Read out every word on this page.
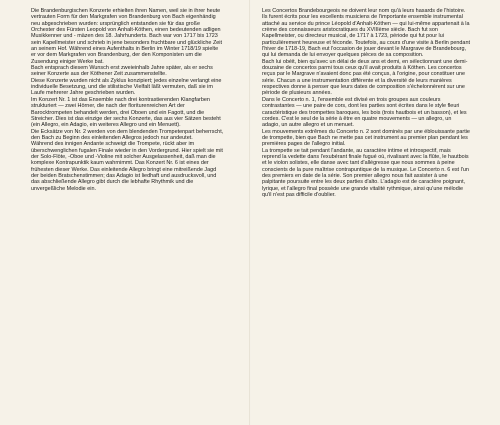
Die Brandenburgischen Konzerte erhielten ihren Namen, weil sie in ihrer heute vertrauten Form für den Markgrafen von Brandenburg von Bach eigenhändig neu abgeschrieben wurden: ursprünglich entstanden sie für das große Orchester des Fürsten Leopold von Anhalt-Köthen, einen bedeutenden adligen Musikkenner und - mäzen des 18. Jahrhunderts. Bach war von 1717 bis 1723 sein Kapellmeister und schrieb in jene besonders fruchtbare und glückliche Zeit an seinem Hof. Während eines Aufenthalts in Berlin im Winter 1718/19 spielte er vor dem Markgrafen von Brandenburg, der den Komponisten um die Zusendung einiger Werke bat.

Bach entsprach diesem Wunsch erst zweieinhalb Jahre später, als er sechs seiner Konzerte aus der Köthener Zeit zusammenstellte.

Diese Konzerte wurden nicht als Zyklus konzipiert; jedes einzelne verlangt eine individuelle Besetzung, und die stilistische Vielfalt läßt vermuten, daß sie im Laufe mehrerer Jahre geschrieben wurden.

Im Konzert Nr. 1 ist das Ensemble nach drei kontrastierenden Klangfarben strukturiert — zwei Hörner, die nach der floriturenreichen Art der Barocktrompeten behandelt werden, drei Oboen und ein Fagott, und die Streicher. Dies ist das einzige der sechs Konzerte, das aus vier Sätzen besteht (ein Allegro, ein Adagio, ein weiteres Allegro und ein Menuett).

Die Ecksätze von Nr. 2 werden von dem blendenden Trompetenpart beherrscht, den Bach zu Beginn des einleitenden Allegros jedoch nur andeutet.

Während des innigen Andante schweigt die Trompete, rückt aber im überschwenglichen fugalen Finale wieder in den Vordergrund. Hier spielt sie mit der Solo-Flöte, -Oboe und -Violine mit solcher Ausgelassenheit, daß man die komplexe Kontrapunktik kaum wahrnimmt. Das Konzert Nr. 6 ist eines der frühesten dieser Werke. Das einleitende Allegro bringt eine mitreißende Jagd der beiden Bratschenstimmen; das Adagio ist liedhaft und ausdrucksvoll, und das abschließende Allegro gibt durch die lebhafte Rhythmik und die unvergeßliche Melodie ein.

Les Concertos Brandebourgeois ne doivent leur nom qu'à leurs hasards de l'histoire.

Ils furent écrits pour les excellents musiciens de l'importante ensemble instrumental attaché au service du prince Léopold d'Anhalt-Köthen — qui lui-même appartenait à la crème des connaisseurs aristocratiques du XVIIIème siècle. Bach fut son Kapellmeister, ou directeur musical, de 1717 à 1723, période qui fut pour lui particulièrement heureuse et féconde. Toutefois, au cours d'une visite à Berlin pendant l'hiver de 1718-19, Bach eut l'occasion de jouer devant le Margrave de Brandebourg, qui lui demanda de lui envoyer quelques pièces de sa composition.

Bach lui obéit, bien qu'avec un délai de deux ans et demi, en sélectionnant une demi-douzaine de concertos parmi tous ceux qu'il avait produits à Köthen. Les concertos reçus par le Margrave n'avaient donc pas été conçus, à l'origine, pour constituer une série. Chacun a une instrumentation différente et la diversité de leurs manières respectives donne à penser que leurs dates de composition s'échelonnèrent sur une période de plusieurs années.

Dans le Concerto n. 1, l'ensemble est divisé en trois groupes aux couleurs contrastantes — une paire de cors, dont les parties sont écrites dans le style fleuri caractéristique des trompettes baroques, les bois (trois hautbois et un basson), et les cordes. C'est le seul de la série à être en quatre mouvements — un allegro, un adagio, un autre allegro et un menuet.

Les mouvements extrêmes du Concerto n. 2 sont dominés par une éblouissante partie de trompette, bien que Bach ne mette pas cet instrument au premier plan pendant les premières pages de l'allegro initial.

La trompette se tait pendant l'andante, au caractère intime et introspectif, mais reprend la vedette dans l'exubérant finale fugué où, rivalisant avec la flûte, le hautbois et le violon solistes, elle danse avec tant d'allégresse que nous sommes à peine conscients de la pure maîtrise contrapuntique de la musique. Le Concerto n. 6 est l'un des premiers en date de la série. Son premier allegro nous fait assister à une palpitante poursuite entre les deux parties d'alto. L'adagio est de caractère poignant, lyrique, et l'allegro final possède une grande vitalité rythmique, ainsi qu'une mélodie qu'il n'est pas difficile d'oublier.
